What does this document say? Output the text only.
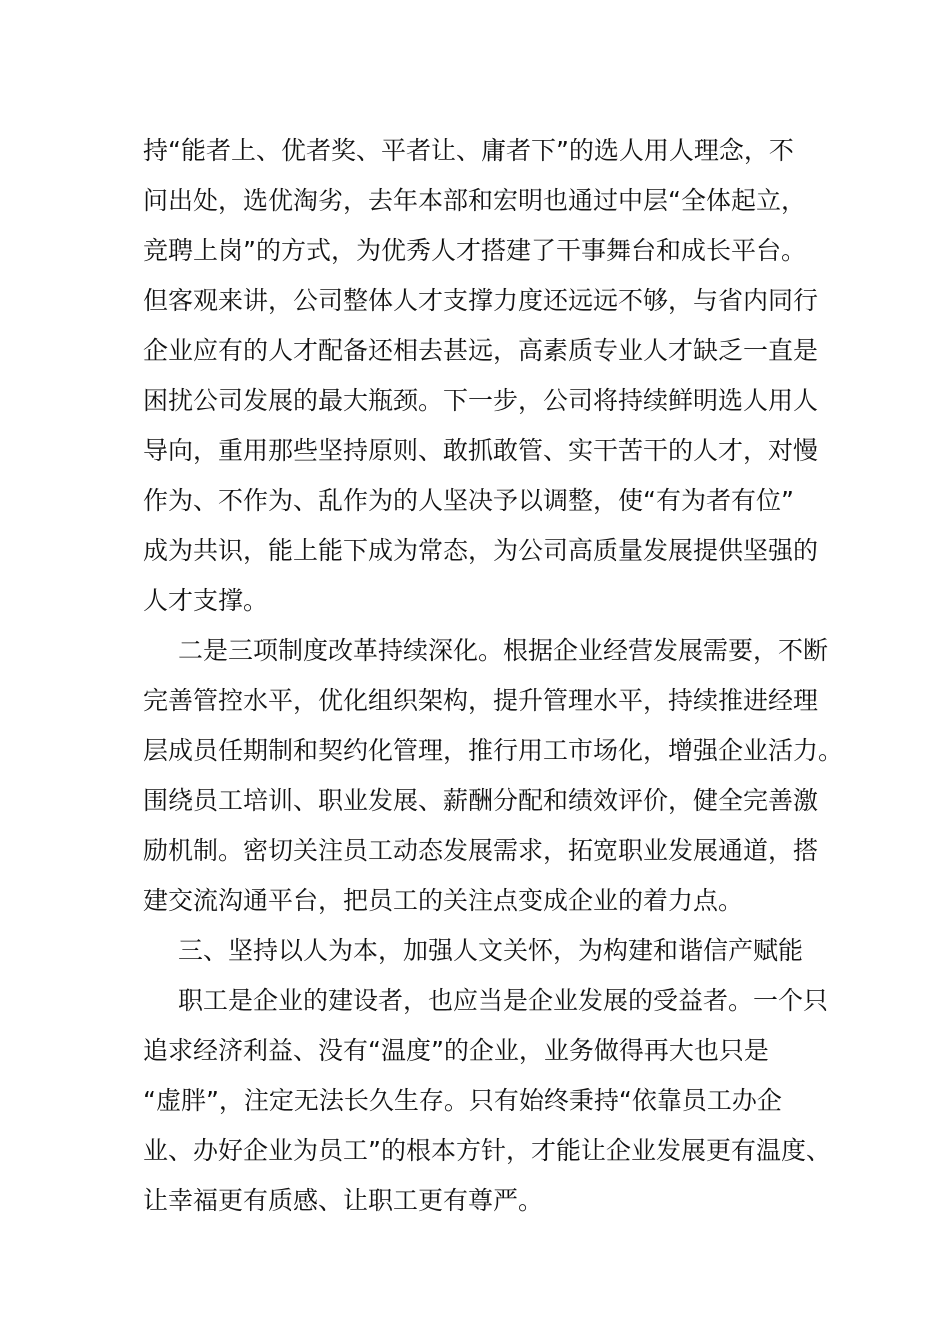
持“能者上、优者奖、平者让、庸者下”的选人用人理念，不
问出处，选优淘劣，去年本部和宏明也通过中层“全体起立，
竞聘上岗”的方式，为优秀人才搭建了干事舞台和成长平台。
但客观来讲，公司整体人才支撑力度还远远不够，与省内同行
企业应有的人才配备还相去甚远，高素质专业人才缺乏一直是
困扰公司发展的最大瓶颈。下一步，公司将持续鲜明选人用人
导向，重用那些坚持原则、敢抓敢管、实干苦干的人才，对慢
作为、不作为、乱作为的人坚决予以调整，使“有为者有位”
成为共识，能上能下成为常态，为公司高质量发展提供坚强的
人才支撑。
二是三项制度改革持续深化。根据企业经营发展需要，不断
完善管控水平，优化组织架构，提升管理水平，持续推进经理
层成员任期制和契约化管理，推行用工市场化，增强企业活力。
围绕员工培训、职业发展、薪酬分配和绩效评价，健全完善激
励机制。密切关注员工动态发展需求，拓宽职业发展通道，搭
建交流沟通平台，把员工的关注点变成企业的着力点。
三、坚持以人为本，加强人文关怀，为构建和谐信产赋能
职工是企业的建设者，也应当是企业发展的受益者。一个只
追求经济利益、没有“温度”的企业，业务做得再大也只是
“虚胖”，注定无法长久生存。只有始终秉持“依靠员工办企
业、办好企业为员工”的根本方针，才能让企业发展更有温度、
让幸福更有质感、让职工更有尊严。
